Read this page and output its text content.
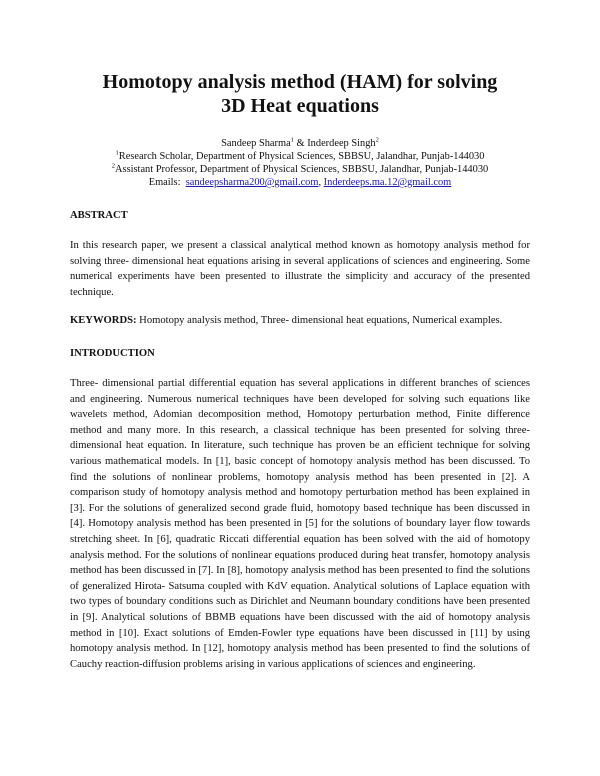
Homotopy analysis method (HAM) for solving
3D Heat equations
Sandeep Sharma$^1$ & Inderdeep Singh$^2$
$^1$Research Scholar, Department of Physical Sciences, SBBSU, Jalandhar, Punjab-144030
$^2$Assistant Professor, Department of Physical Sciences, SBBSU, Jalandhar, Punjab-144030
Emails: sandeepsharma200@gmail.com, Inderdeeps.ma.12@gmail.com
ABSTRACT

In this research paper, we present a classical analytical method known as homotopy analysis method for solving three- dimensional heat equations arising in several applications of sciences and engineering. Some numerical experiments have been presented to illustrate the simplicity and accuracy of the presented technique.

KEYWORDS: Homotopy analysis method, Three- dimensional heat equations, Numerical examples.

INTRODUCTION

Three- dimensional partial differential equation has several applications in different branches of sciences and engineering. Numerous numerical techniques have been developed for solving such equations like wavelets method, Adomian decomposition method, Homotopy perturbation method, Finite difference method and many more. In this research, a classical technique has been presented for solving three- dimensional heat equation. In literature, such technique has proven be an efficient technique for solving various mathematical models. In [1], basic concept of homotopy analysis method has been discussed. To find the solutions of nonlinear problems, homotopy analysis method has been presented in [2]. A comparison study of homotopy analysis method and homotopy perturbation method has been explained in [3]. For the solutions of generalized second grade fluid, homotopy based technique has been discussed in [4]. Homotopy analysis method has been presented in [5] for the solutions of boundary layer flow towards stretching sheet. In [6], quadratic Riccati differential equation has been solved with the aid of homotopy analysis method. For the solutions of nonlinear equations produced during heat transfer, homotopy analysis method has been discussed in [7]. In [8], homotopy analysis method has been presented to find the solutions of generalized Hirota- Satsuma coupled with KdV equation. Analytical solutions of Laplace equation with two types of boundary conditions such as Dirichlet and Neumann boundary conditions have been presented in [9]. Analytical solutions of BBMB equations have been discussed with the aid of homotopy analysis method in [10]. Exact solutions of Emden-Fowler type equations have been discussed in [11] by using homotopy analysis method. In [12], homotopy analysis method has been presented to find the solutions of Cauchy reaction-diffusion problems arising in various applications of sciences and engineering.
